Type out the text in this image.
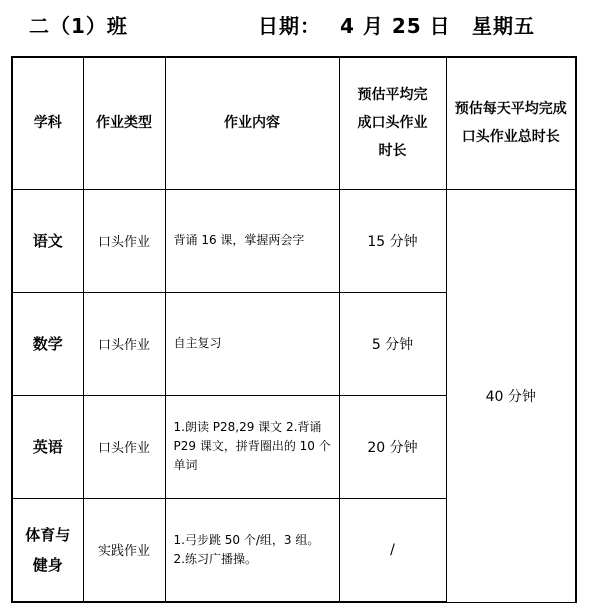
二（1）班	日期： 4 月 25 日 星期五
学科	作业类型	作业内容	预估平均完成口头作业时长	预估每天平均完成口头作业总时长
语文	口头作业	背诵 16 课，掌握两会字	15 分钟	40 分钟
数学	口头作业	自主复习	5 分钟	
英语	口头作业	1.朗读 P28,29 课文 2.背诵 P29 课文，拼背圈出的 10 个单词	20 分钟	
体育与健身	实践作业	1.弓步跳 50 个/组，3 组。 2.练习广播操。	/	
